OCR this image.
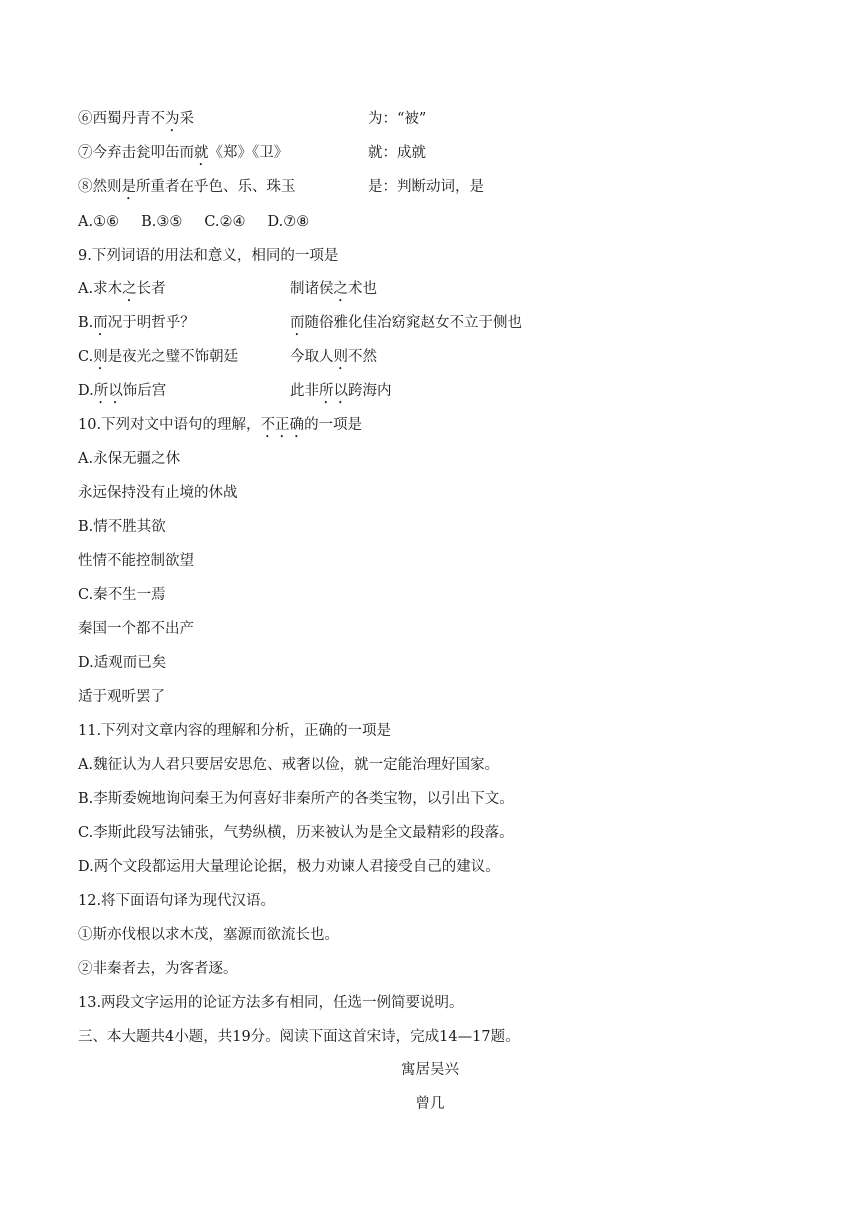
⑥西蜀丹青不为采	为：“被”
⑦今弃击瓮叩缶而就《郑》《卫》	就：成就
⑧然则是所重者在乎色、乐、珠玉	是：判断动词，是
A.①⑥ B.③⑤ C.②④ D.⑦⑧
9.下列词语的用法和意义，相同的一项是
A.求木之长者	制诸侯之术也
B.而况于明哲乎？	而随俗雅化佳冶窈窕赵女不立于侧也
C.则是夜光之璧不饰朝廷	今取人则不然
D.所以饰后宫	此非所以跨海内
10.下列对文中语句的理解，不正确的一项是
A.永保无疆之休
永远保持没有止境的休战
B.情不胜其欲
性情不能控制欲望
C.秦不生一焉
秦国一个都不出产
D.适观而已矣
适于观听罢了
11.下列对文章内容的理解和分析，正确的一项是
A.魏征认为人君只要居安思危、戒奢以俭，就一定能治理好国家。
B.李斯委婉地询问秦王为何喜好非秦所产的各类宝物，以引出下文。
C.李斯此段写法铺张，气势纵横，历来被认为是全文最精彩的段落。
D.两个文段都运用大量理论论据，极力劝谏人君接受自己的建议。
12.将下面语句译为现代汉语。
①斯亦伐根以求木茂，塞源而欲流长也。
②非秦者去，为客者逐。
13.两段文字运用的论证方法多有相同，任选一例简要说明。
三、本大题共4小题，共19分。阅读下面这首宋诗，完成14—17题。
寓居吴兴
曾几
